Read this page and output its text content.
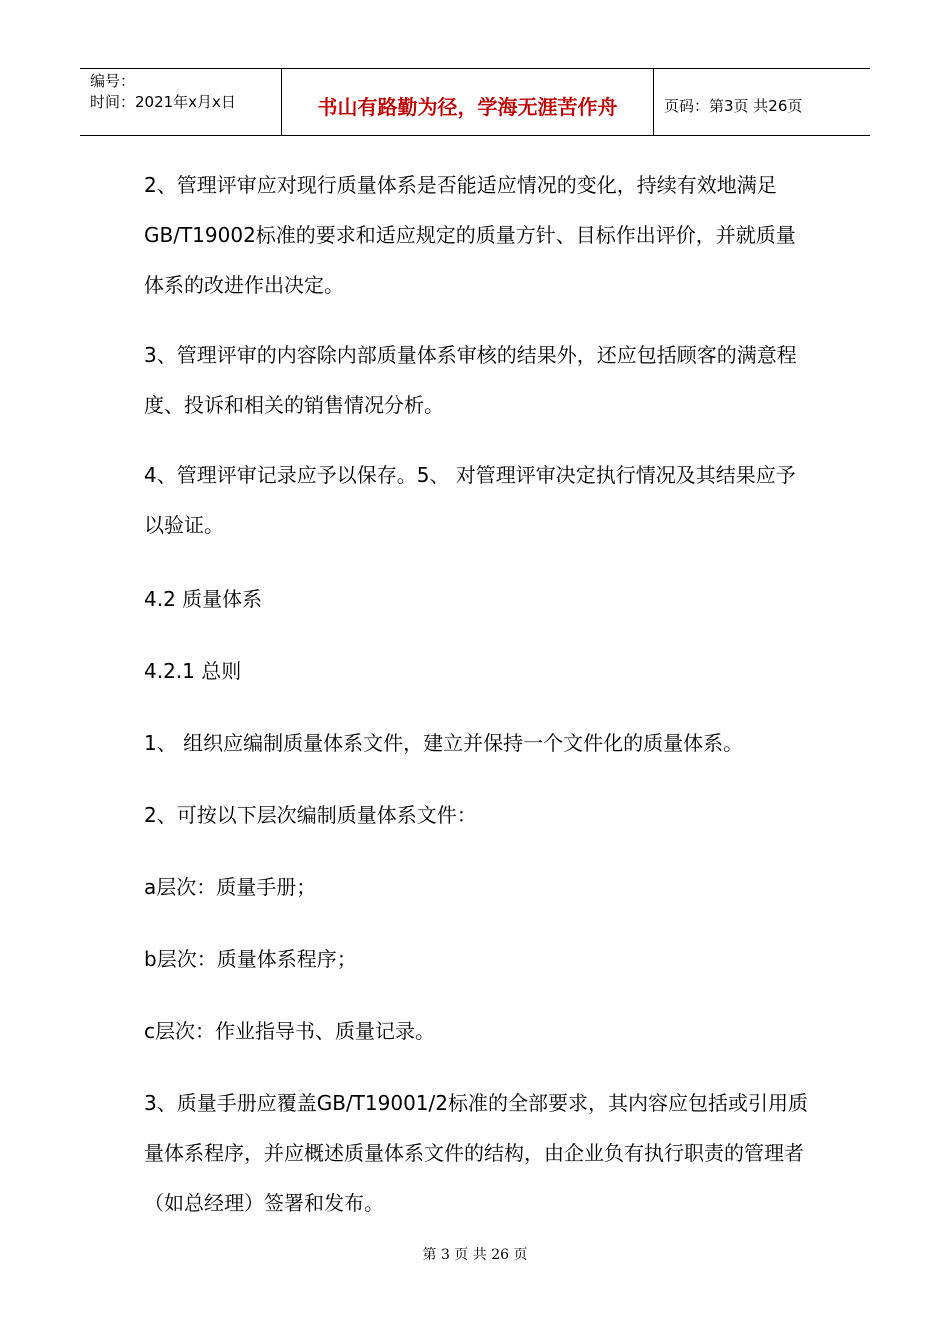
编号：
时间：2021年x月x日	书山有路勤为径，学海无涯苦作舟	页码：第3页 共26页

2、管理评审应对现行质量体系是否能适应情况的变化，持续有效地满足GB/T19002标准的要求和适应规定的质量方针、目标作出评价，并就质量体系的改进作出决定。

3、管理评审的内容除内部质量体系审核的结果外，还应包括顾客的满意程度、投诉和相关的销售情况分析。

4、管理评审记录应予以保存。5、 对管理评审决定执行情况及其结果应予以验证。

4.2 质量体系

4.2.1 总则

1、 组织应编制质量体系文件，建立并保持一个文件化的质量体系。

2、可按以下层次编制质量体系文件：

a层次：质量手册；

b层次：质量体系程序；

c层次：作业指导书、质量记录。

3、质量手册应覆盖GB/T19001/2标准的全部要求，其内容应包括或引用质量体系程序，并应概述质量体系文件的结构，由企业负有执行职责的管理者（如总经理）签署和发布。

第 3 页 共 26 页
